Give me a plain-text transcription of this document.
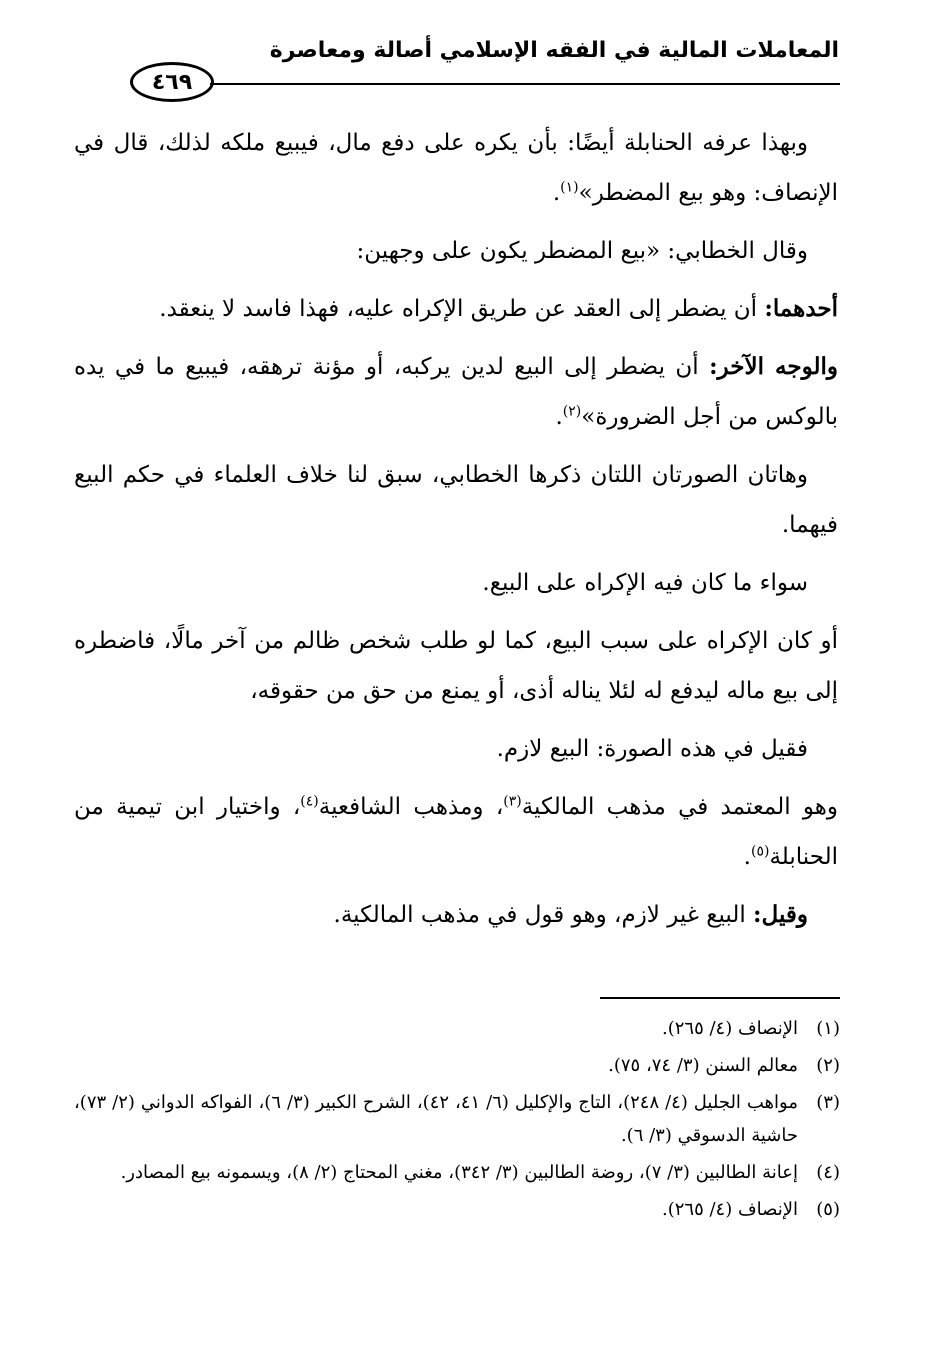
المعاملات المالية في الفقه الإسلامي أصالة ومعاصرة
٤٦٩

وبهذا عرفه الحنابلة أيضًا: بأن يكره على دفع مال، فيبيع ملكه لذلك، قال في الإنصاف: وهو بيع المضطر»$^{(١)}$.

وقال الخطابي: «بيع المضطر يكون على وجهين:

أحدهما: أن يضطر إلى العقد عن طريق الإكراه عليه، فهذا فاسد لا ينعقد.

والوجه الآخر: أن يضطر إلى البيع لدين يركبه، أو مؤنة ترهقه، فيبيع ما في يده بالوكس من أجل الضرورة»$^{(٢)}$.

وهاتان الصورتان اللتان ذكرها الخطابي، سبق لنا خلاف العلماء في حكم البيع فيهما.

سواء ما كان فيه الإكراه على البيع.

أو كان الإكراه على سبب البيع، كما لو طلب شخص ظالم من آخر مالًا، فاضطره إلى بيع ماله ليدفع له لئلا يناله أذى، أو يمنع من حق من حقوقه،

فقيل في هذه الصورة: البيع لازم.

وهو المعتمد في مذهب المالكية$^{(٣)}$، ومذهب الشافعية$^{(٤)}$، واختيار ابن تيمية من الحنابلة$^{(٥)}$.

وقيل: البيع غير لازم، وهو قول في مذهب المالكية.

(١)
الإنصاف (٤/ ٢٦٥).
(٢)
معالم السنن (٣/ ٧٤، ٧٥).
(٣)
مواهب الجليل (٤/ ٢٤٨)، التاج والإكليل (٦/ ٤١، ٤٢)، الشرح الكبير (٣/ ٦)، الفواكه الدواني (٢/ ٧٣)، حاشية الدسوقي (٣/ ٦).
(٤)
إعانة الطالبين (٣/ ٧)، روضة الطالبين (٣/ ٣٤٢)، مغني المحتاج (٢/ ٨)، ويسمونه بيع المصادر.
(٥)
الإنصاف (٤/ ٢٦٥).
